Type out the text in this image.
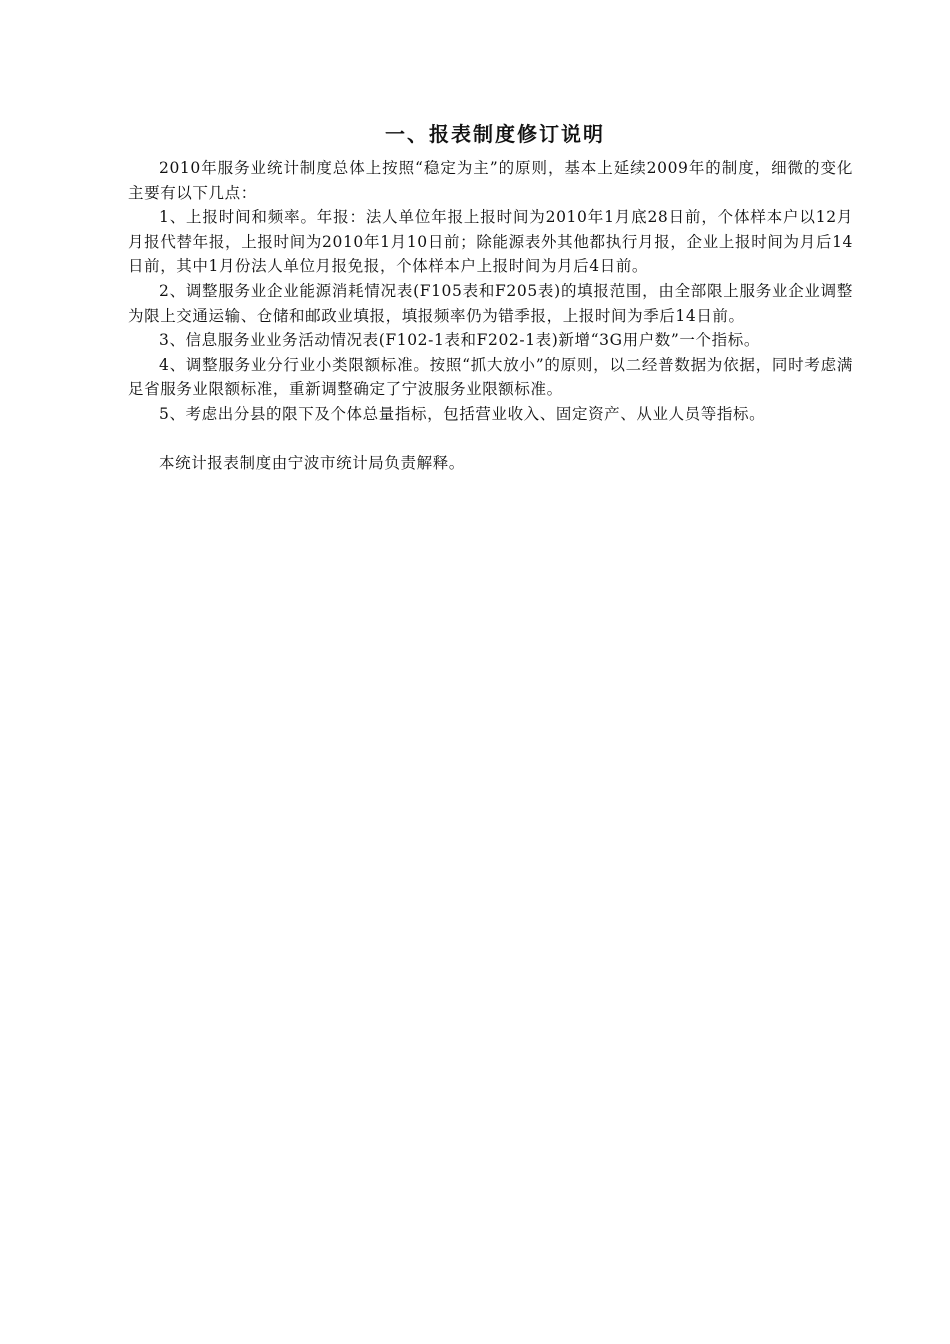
一、报表制度修订说明

2010年服务业统计制度总体上按照“稳定为主”的原则，基本上延续2009年的制度，细微的变化主要有以下几点：

1、上报时间和频率。年报：法人单位年报上报时间为2010年1月底28日前，个体样本户以12月月报代替年报，上报时间为2010年1月10日前；除能源表外其他都执行月报，企业上报时间为月后14日前，其中1月份法人单位月报免报，个体样本户上报时间为月后4日前。

2、调整服务业企业能源消耗情况表(F105表和F205表)的填报范围，由全部限上服务业企业调整为限上交通运输、仓储和邮政业填报，填报频率仍为错季报，上报时间为季后14日前。

3、信息服务业业务活动情况表(F102-1表和F202-1表)新增“3G用户数”一个指标。

4、调整服务业分行业小类限额标准。按照“抓大放小”的原则，以二经普数据为依据，同时考虑满足省服务业限额标准，重新调整确定了宁波服务业限额标准。

5、考虑出分县的限下及个体总量指标，包括营业收入、固定资产、从业人员等指标。

本统计报表制度由宁波市统计局负责解释。
